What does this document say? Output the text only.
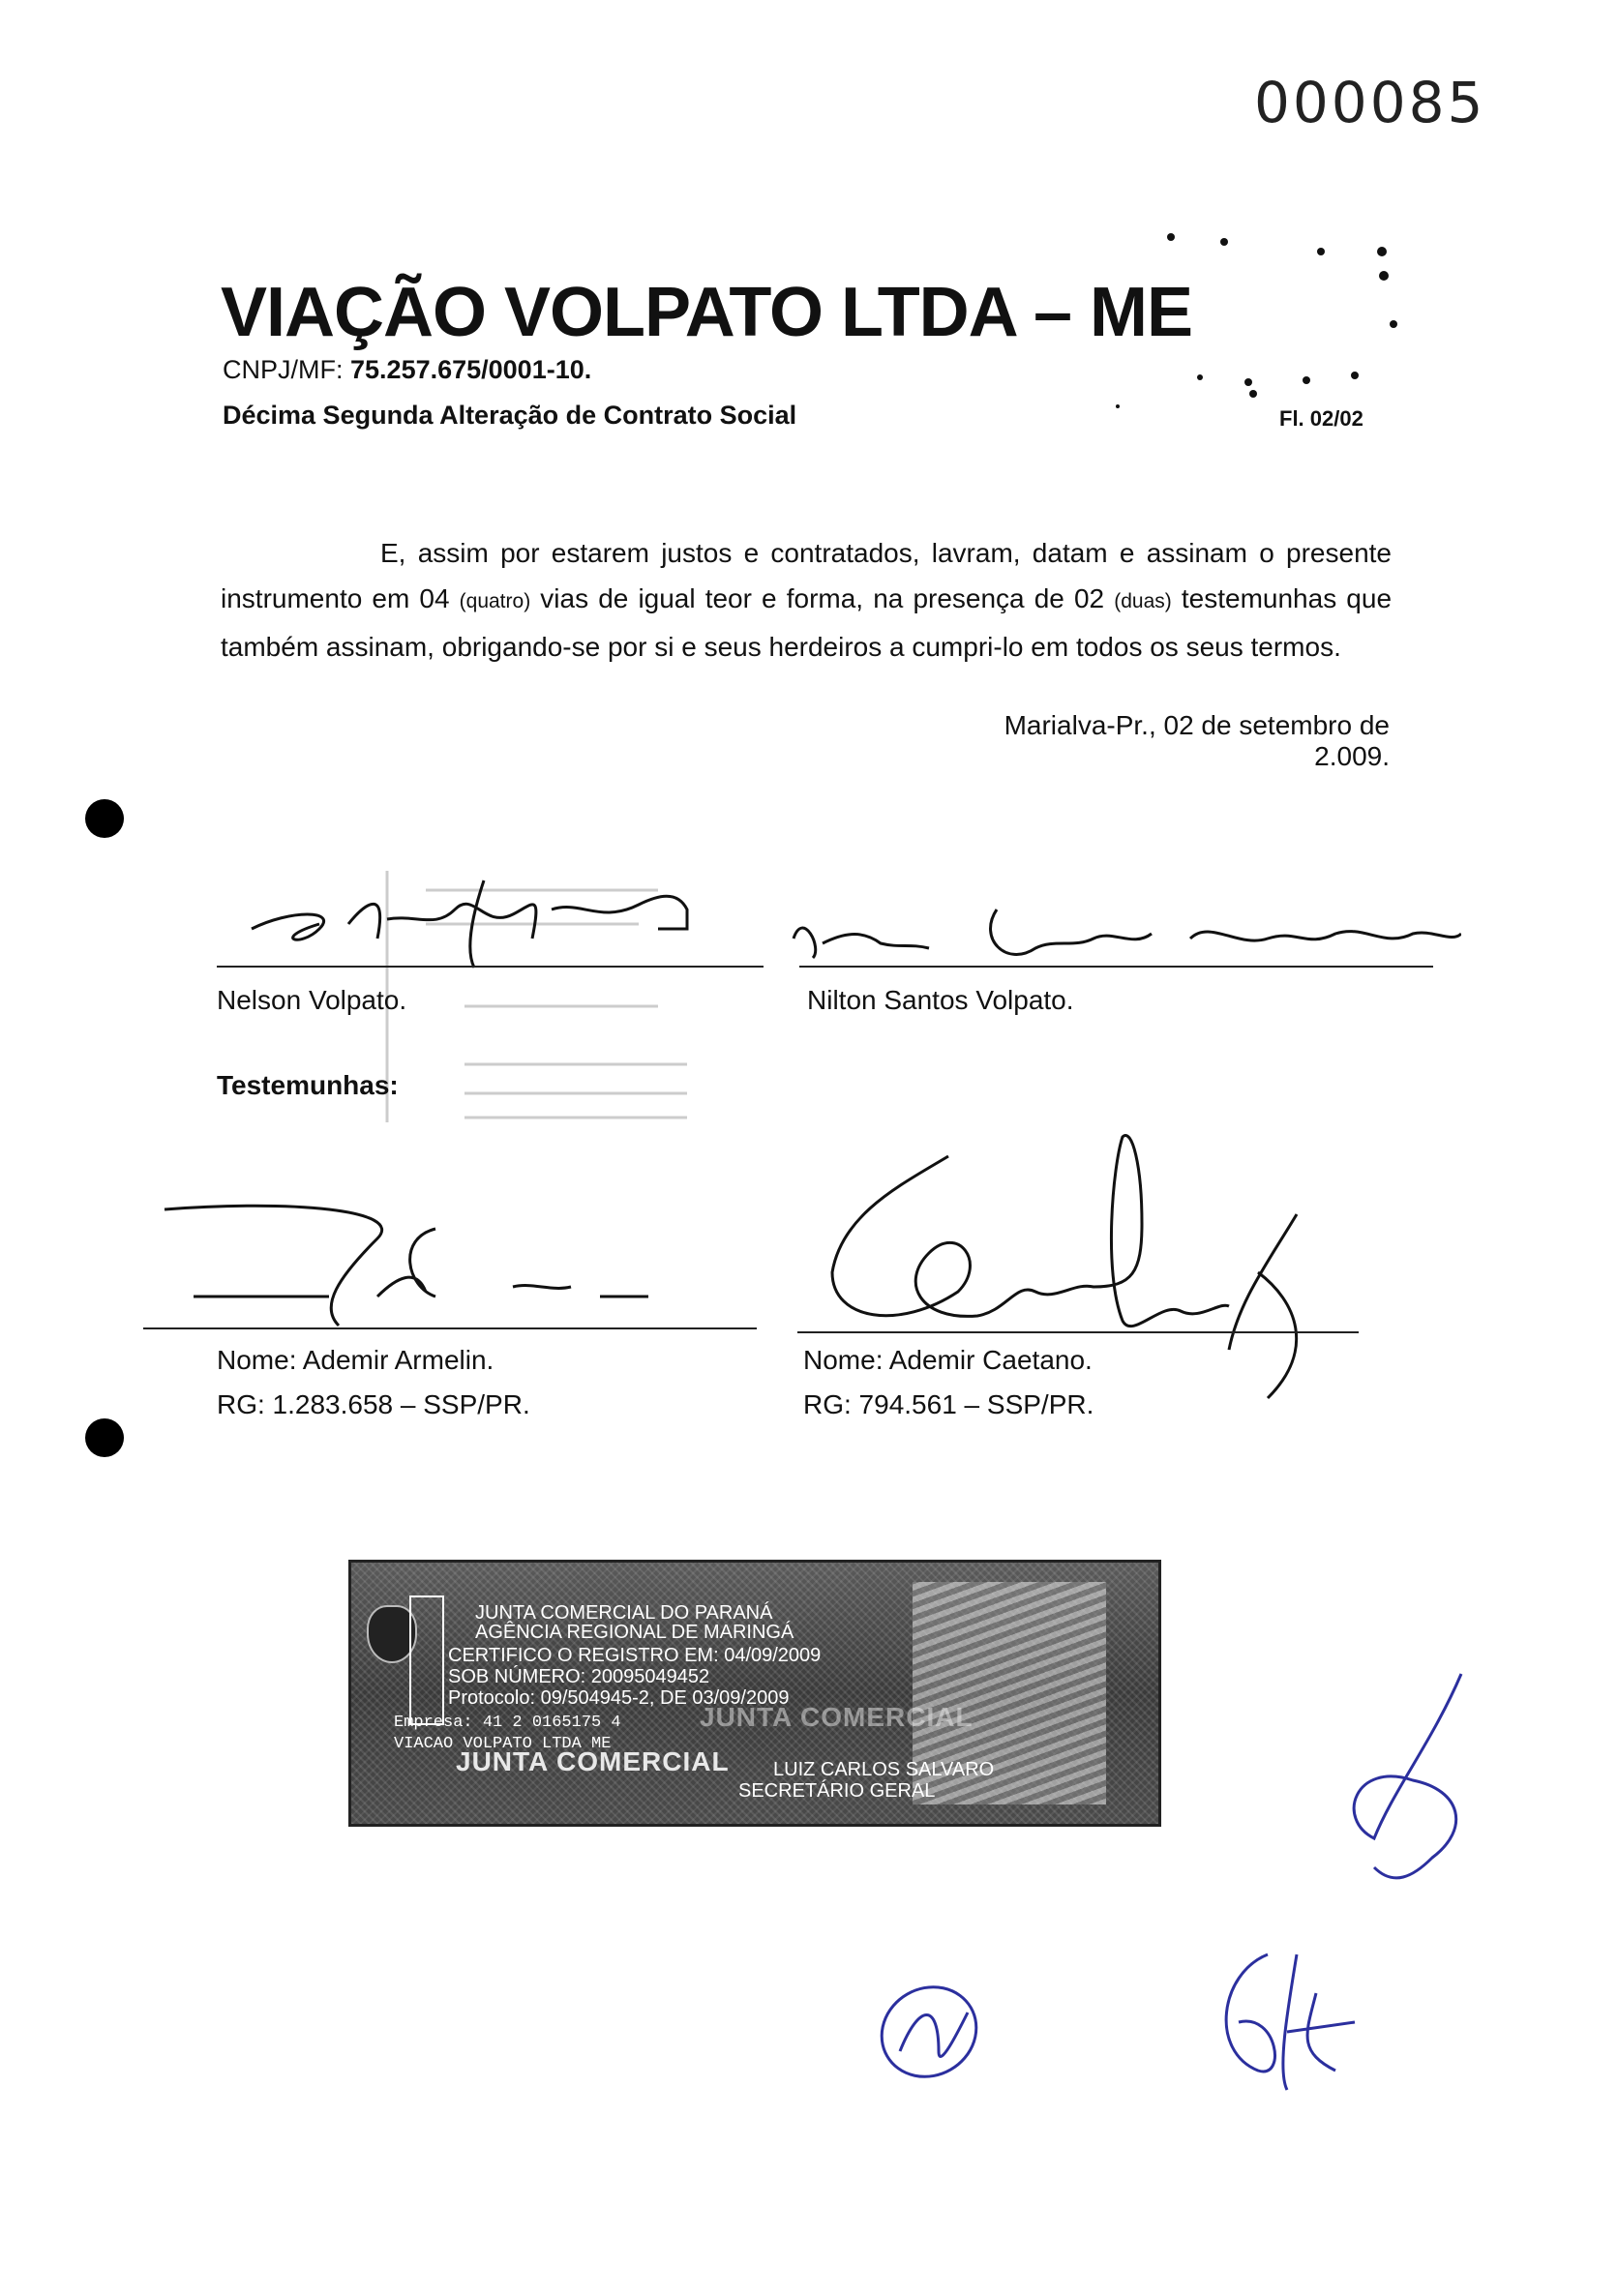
000085
VIAÇÃO VOLPATO LTDA – ME
CNPJ/MF: 75.257.675/0001-10.
Décima Segunda Alteração de Contrato Social	Fl. 02/02
E, assim por estarem justos e contratados, lavram, datam e assinam o presente instrumento em 04 (quatro) vias de igual teor e forma, na presença de 02 (duas) testemunhas que também assinam, obrigando-se por si e seus herdeiros a cumpri-lo em todos os seus termos.
Marialva-Pr., 02 de setembro de 2.009.
Nelson Volpato.	Nilton Santos Volpato.
Testemunhas:
Nome: Ademir Armelin.
RG: 1.283.658 – SSP/PR.
Nome: Ademir Caetano.
RG: 794.561 – SSP/PR.
JUNTA COMERCIAL DO PARANÁ
AGÊNCIA REGIONAL DE MARINGÁ
CERTIFICO O REGISTRO EM: 04/09/2009
SOB NÚMERO: 20095049452
Protocolo: 09/504945-2, DE 03/09/2009
Empresa: 41 2 0165175 4
VIACAO VOLPATO LTDA ME
JUNTA COMERCIAL
JUNTA COMERCIAL
LUIZ CARLOS SALVARO
SECRETÁRIO GERAL
